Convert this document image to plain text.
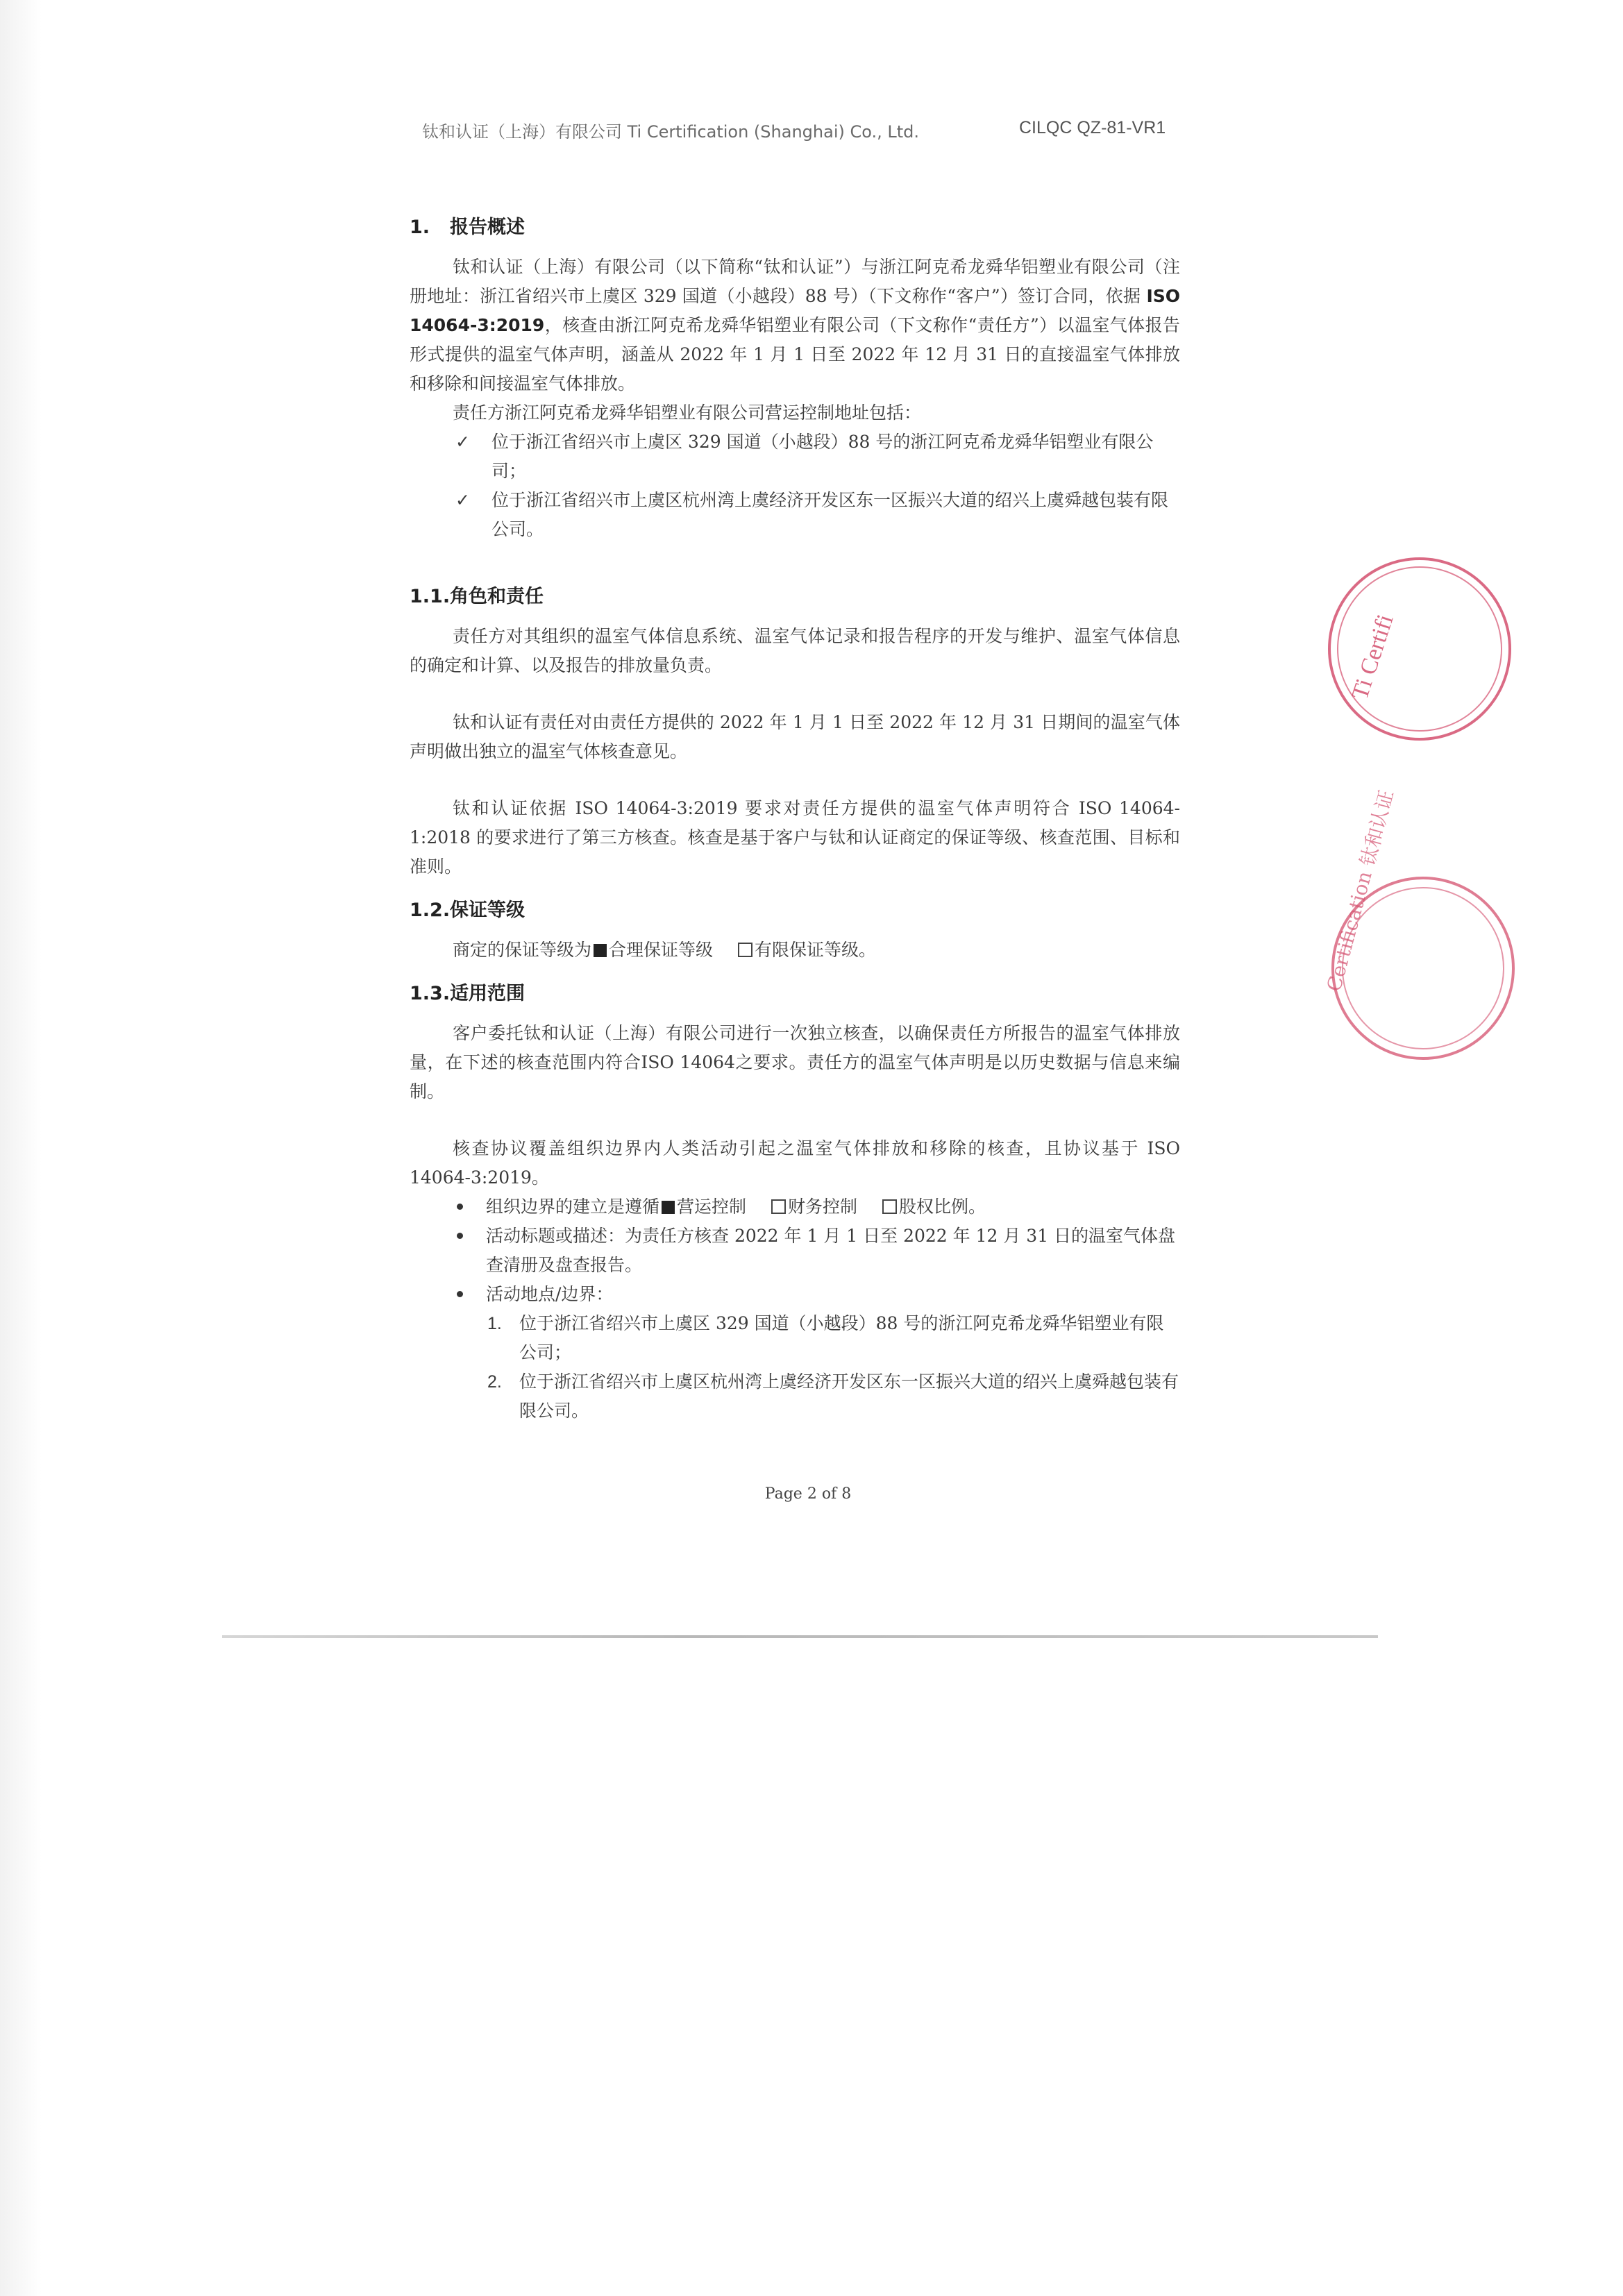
钛和认证（上海）有限公司 Ti Certification (Shanghai) Co., Ltd.	CILQC QZ-81-VR1
1. 报告概述

钛和认证（上海）有限公司（以下简称“钛和认证”）与浙江阿克希龙舜华铝塑业有限公司（注册地址：浙江省绍兴市上虞区 329 国道（小越段）88 号）（下文称作“客户”）签订合同，依据 ISO 14064-3:2019，核查由浙江阿克希龙舜华铝塑业有限公司（下文称作“责任方”）以温室气体报告形式提供的温室气体声明，涵盖从 2022 年 1 月 1 日至 2022 年 12 月 31 日的直接温室气体排放和移除和间接温室气体排放。

责任方浙江阿克希龙舜华铝塑业有限公司营运控制地址包括：

✓ 位于浙江省绍兴市上虞区 329 国道（小越段）88 号的浙江阿克希龙舜华铝塑业有限公司；
✓ 位于浙江省绍兴市上虞区杭州湾上虞经济开发区东一区振兴大道的绍兴上虞舜越包装有限公司。
1.1.角色和责任

责任方对其组织的温室气体信息系统、温室气体记录和报告程序的开发与维护、温室气体信息的确定和计算、以及报告的排放量负责。

钛和认证有责任对由责任方提供的 2022 年 1 月 1 日至 2022 年 12 月 31 日期间的温室气体声明做出独立的温室气体核查意见。

钛和认证依据 ISO 14064-3:2019 要求对责任方提供的温室气体声明符合 ISO 14064-1:2018 的要求进行了第三方核查。核查是基于客户与钛和认证商定的保证等级、核查范围、目标和准则。

1.2.保证等级

商定的保证等级为 合理保证等级 有限保证等级。

1.3.适用范围

客户委托钛和认证（上海）有限公司进行一次独立核查，以确保责任方所报告的温室气体排放量，在下述的核查范围内符合ISO 14064之要求。责任方的温室气体声明是以历史数据与信息来编制。

核查协议覆盖组织边界内人类活动引起之温室气体排放和移除的核查，且协议基于 ISO 14064-3:2019。

组织边界的建立是遵循 营运控制 财务控制 股权比例。
活动标题或描述：为责任方核查 2022 年 1 月 1 日至 2022 年 12 月 31 日的温室气体盘查清册及盘查报告。
活动地点/边界：
1. 位于浙江省绍兴市上虞区 329 国道（小越段）88 号的浙江阿克希龙舜华铝塑业有限公司；
2. 位于浙江省绍兴市上虞区杭州湾上虞经济开发区东一区振兴大道的绍兴上虞舜越包装有限公司。
Page 2 of 8
Ti Certifi
Certification 钛和认证
